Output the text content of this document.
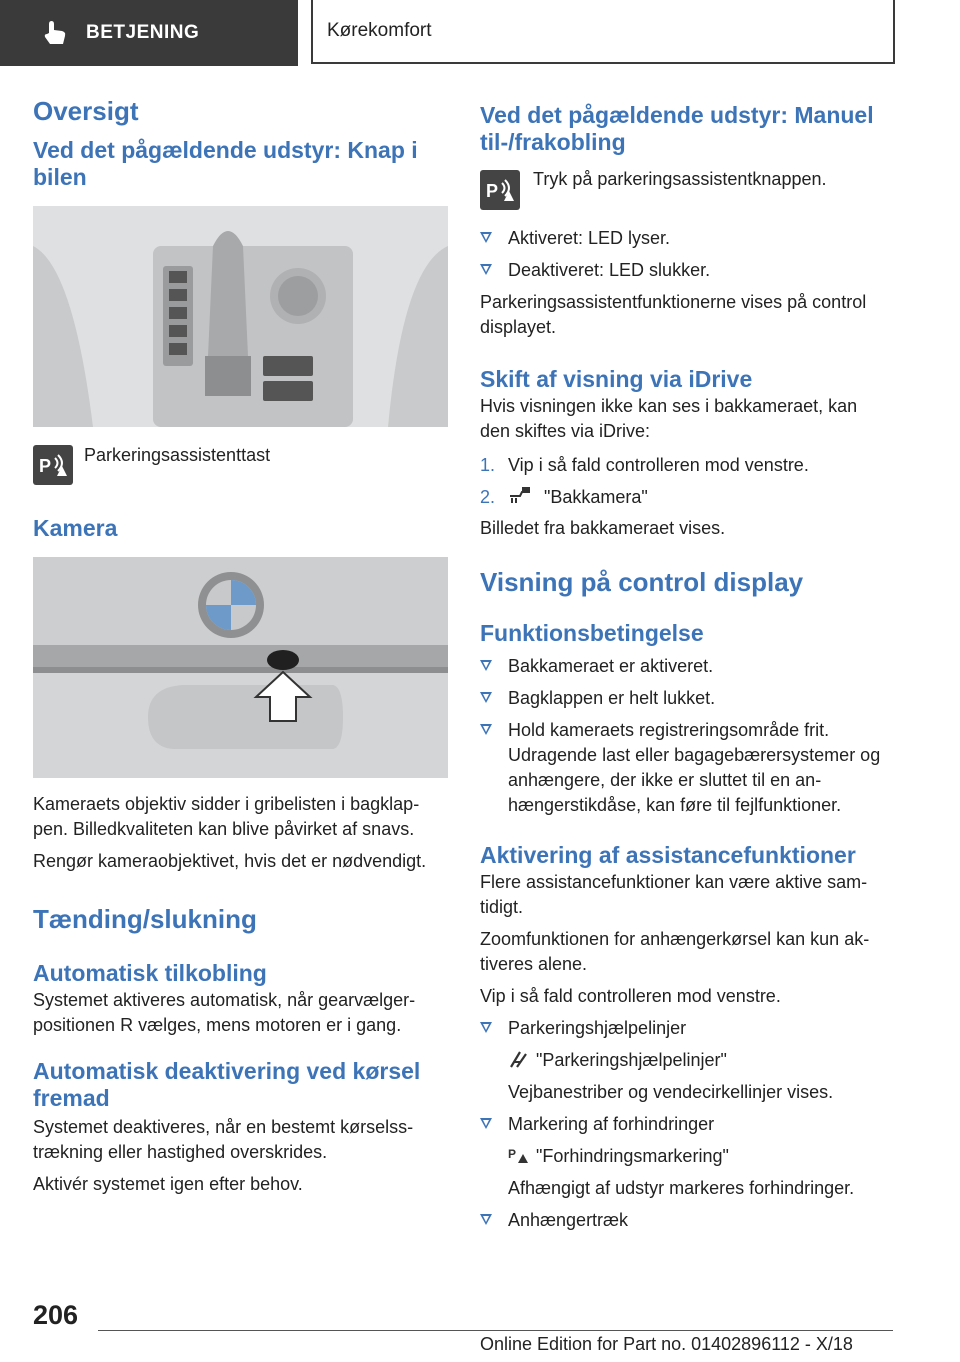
BETJENING	Kørekomfort
Oversigt
Ved det pågældende udstyr: Knap i bilen
P

Parkeringsassistenttast

Kamera

Kameraets objektiv sidder i gribelisten i bagklappen. Billedkvaliteten kan blive påvirket af snavs.

Rengør kameraobjektivet, hvis det er nødvendigt.

Tænding/slukning
Automatisk tilkobling

Systemet aktiveres automatisk, når gearvælgerpositionen R vælges, mens motoren er i gang.

Automatisk deaktivering ved kørsel fremad

Systemet deaktiveres, når en bestemt kørselsstrækning eller hastighed overskrides.

Aktivér systemet igen efter behov.

Ved det pågældende udstyr: Manuel til-/frakobling
P

Tryk på parkeringsassistentknappen.

Aktiveret: LED lyser.
Deaktiveret: LED slukker.

Parkeringsassistentfunktionerne vises på control displayet.

Skift af visning via iDrive

Hvis visningen ikke kan ses i bakkameraet, kan den skiftes via iDrive:

1. Vip i så fald controlleren mod venstre.
2.	"Bakkamera"

Billedet fra bakkameraet vises.

Visning på control display
Funktionsbetingelse
Bakkameraet er aktiveret.
Bagklappen er helt lukket.
Hold kameraets registreringsområde frit. Udragende last eller bagagebærersystemer og anhængere, der ikke er sluttet til en anhængerstikdåse, kan føre til fejlfunktioner.
Aktivering af assistancefunktioner

Flere assistancefunktioner kan være aktive samtidigt.

Zoomfunktionen for anhængerkørsel kan kun aktiveres alene.

Vip i så fald controlleren mod venstre.

Parkeringshjælpelinjer
"Parkeringshjælpelinjer"
Vejbanestriber og vendecirkellinjer vises.
Markering af forhindringer
P "Forhindringsmarkering"
Afhængigt af udstyr markeres forhindringer.
Anhængertræk
206
Online Edition for Part no. 01402896112 - X/18
